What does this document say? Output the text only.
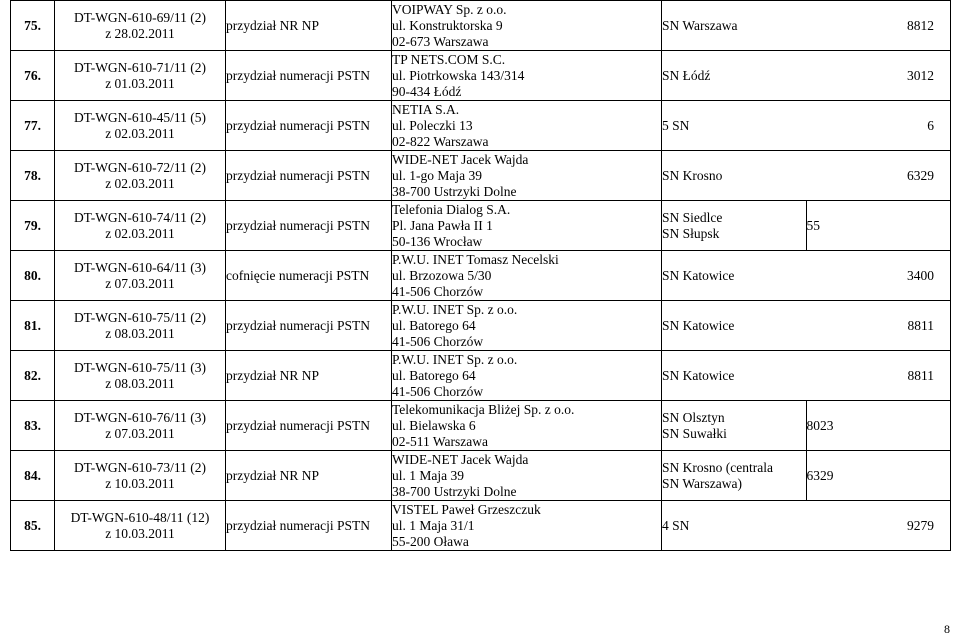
75.	DT-WGN-610-69/11 (2)
z 28.02.2011	przydział NR NP	VOIPWAY Sp. z o.o.
ul. Konstruktorska 9
02-673 Warszawa	SN Warszawa 8812	

76.	DT-WGN-610-71/11 (2)
z 01.03.2011	przydział numeracji PSTN	TP NETS.COM S.C.
ul. Piotrkowska 143/314
90-434 Łódź	SN Łódź 3012	

77.	DT-WGN-610-45/11 (5)
z 02.03.2011	przydział numeracji PSTN	NETIA S.A.
ul. Poleczki 13
02-822 Warszawa	5 SN 6	

78.	DT-WGN-610-72/11 (2)
z 02.03.2011	przydział numeracji PSTN	WIDE-NET Jacek Wajda
ul. 1-go Maja 39
38-700 Ustrzyki Dolne	SN Krosno 6329	

79.	DT-WGN-610-74/11 (2)
z 02.03.2011	przydział numeracji PSTN	Telefonia Dialog S.A.
Pl. Jana Pawła II 1
50-136 Wrocław	SN Siedlce
SN Słupsk	55
80.	DT-WGN-610-64/11 (3)
z 07.03.2011	cofnięcie numeracji PSTN	P.W.U. INET Tomasz Necelski
ul. Brzozowa 5/30
41-506 Chorzów	SN Katowice 3400	

81.	DT-WGN-610-75/11 (2)
z 08.03.2011	przydział numeracji PSTN	P.W.U. INET Sp. z o.o.
ul. Batorego 64
41-506 Chorzów	SN Katowice 8811	

82.	DT-WGN-610-75/11 (3)
z 08.03.2011	przydział NR NP	P.W.U. INET Sp. z o.o.
ul. Batorego 64
41-506 Chorzów	SN Katowice 8811	

83.	DT-WGN-610-76/11 (3)
z 07.03.2011	przydział numeracji PSTN	Telekomunikacja Bliżej Sp. z o.o.
ul. Bielawska 6
02-511 Warszawa	SN Olsztyn
SN Suwałki	8023
84.	DT-WGN-610-73/11 (2)
z 10.03.2011	przydział NR NP	WIDE-NET Jacek Wajda
ul. 1 Maja 39
38-700 Ustrzyki Dolne	SN Krosno (centrala
SN Warszawa)	6329
85.	DT-WGN-610-48/11 (12)
z 10.03.2011	przydział numeracji PSTN	VISTEL Paweł Grzeszczuk
ul. 1 Maja 31/1
55-200 Oława	4 SN 9279	
8
